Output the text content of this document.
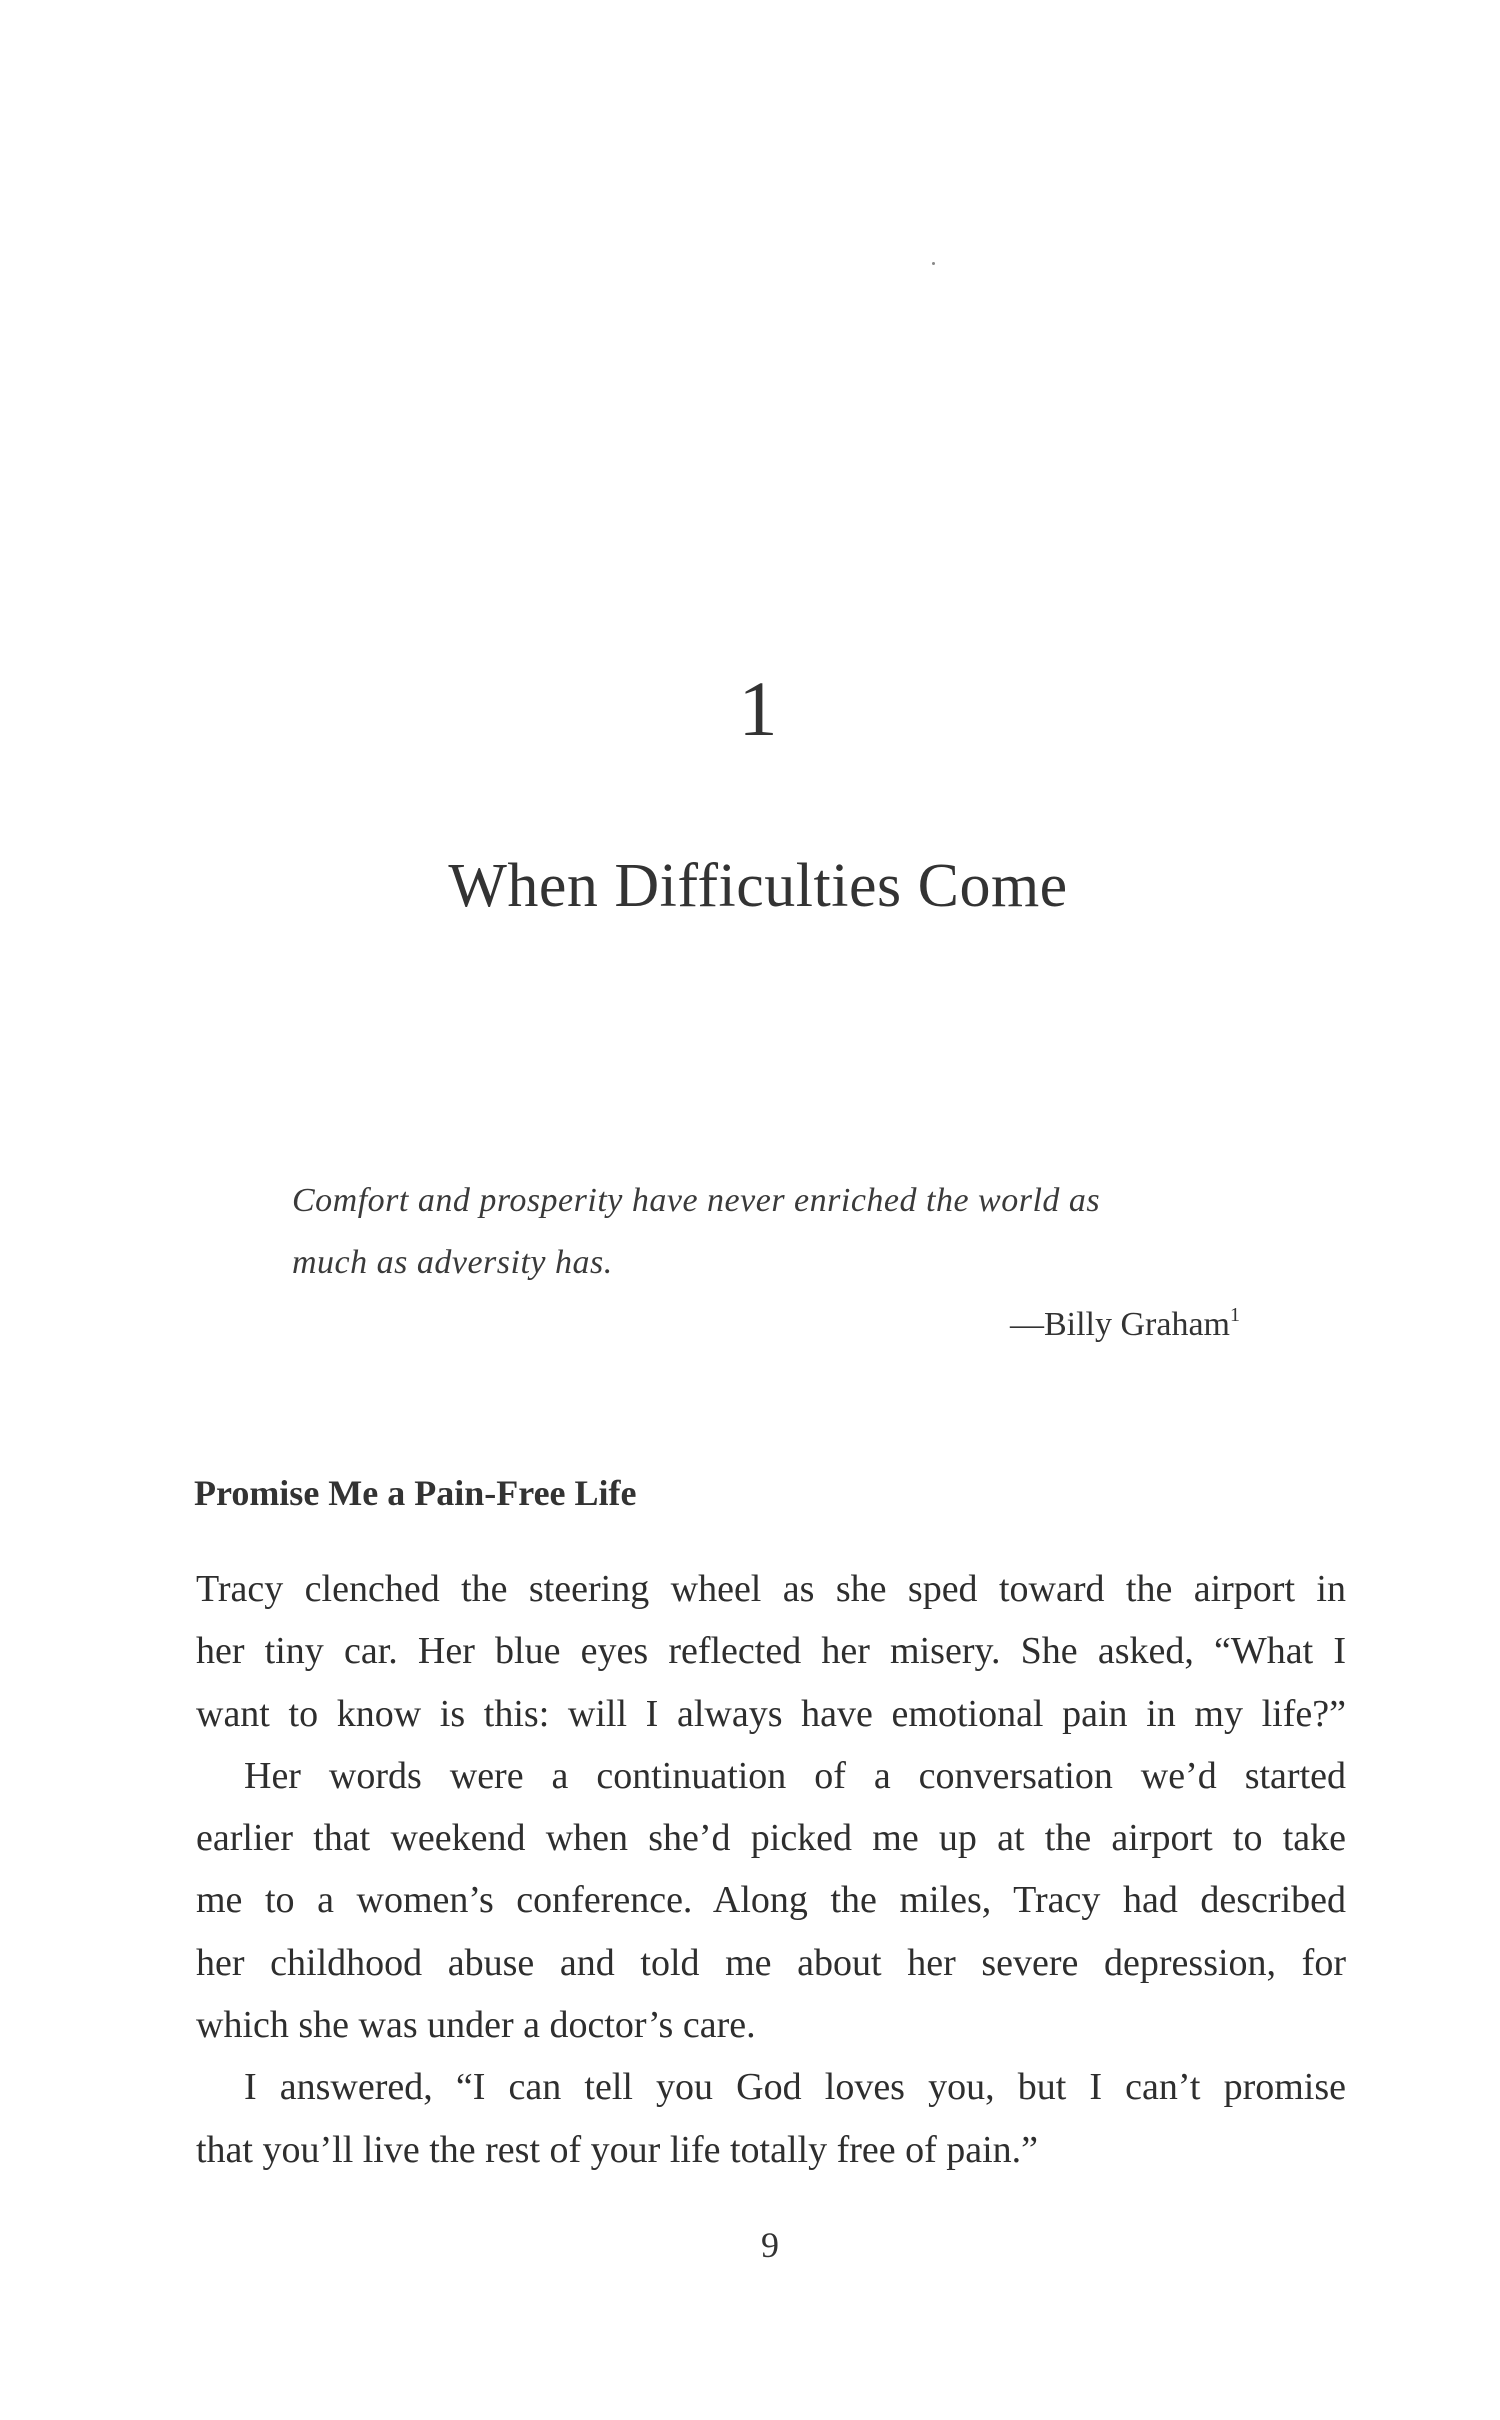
1
When Difficulties Come
Comfort and prosperity have never enriched the world as
much as adversity has.
—Billy Graham$^1$
Promise Me a Pain-Free Life
Tracy clenched the steering wheel as she sped toward the airport in
her tiny car. Her blue eyes reflected her misery. She asked, “What I
want to know is this: will I always have emotional pain in my life?”
Her words were a continuation of a conversation we’d started
earlier that weekend when she’d picked me up at the airport to take
me to a women’s conference. Along the miles, Tracy had described
her childhood abuse and told me about her severe depression, for
which she was under a doctor’s care.
I answered, “I can tell you God loves you, but I can’t promise
that you’ll live the rest of your life totally free of pain.”
9
